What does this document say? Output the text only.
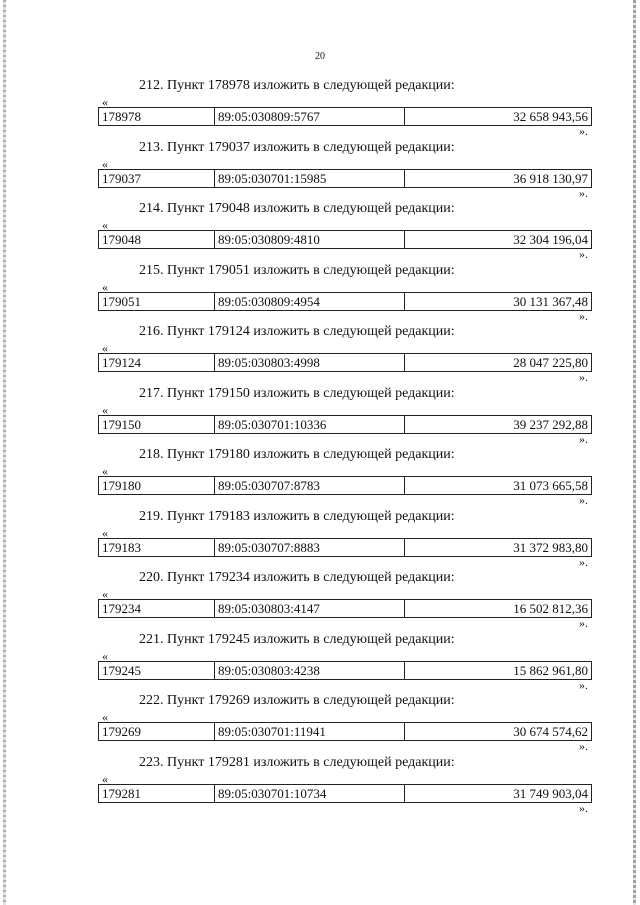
20
212. Пункт 178978 изложить в следующей редакции:
«
178978	89:05:030809:5767	32 658 943,56
».
213. Пункт 179037 изложить в следующей редакции:
«
179037	89:05:030701:15985	36 918 130,97
».
214. Пункт 179048 изложить в следующей редакции:
«
179048	89:05:030809:4810	32 304 196,04
».
215. Пункт 179051 изложить в следующей редакции:
«
179051	89:05:030809:4954	30 131 367,48
».
216. Пункт 179124 изложить в следующей редакции:
«
179124	89:05:030803:4998	28 047 225,80
».
217. Пункт 179150 изложить в следующей редакции:
«
179150	89:05:030701:10336	39 237 292,88
».
218. Пункт 179180 изложить в следующей редакции:
«
179180	89:05:030707:8783	31 073 665,58
».
219. Пункт 179183 изложить в следующей редакции:
«
179183	89:05:030707:8883	31 372 983,80
».
220. Пункт 179234 изложить в следующей редакции:
«
179234	89:05:030803:4147	16 502 812,36
».
221. Пункт 179245 изложить в следующей редакции:
«
179245	89:05:030803:4238	15 862 961,80
».
222. Пункт 179269 изложить в следующей редакции:
«
179269	89:05:030701:11941	30 674 574,62
».
223. Пункт 179281 изложить в следующей редакции:
«
179281	89:05:030701:10734	31 749 903,04
».
